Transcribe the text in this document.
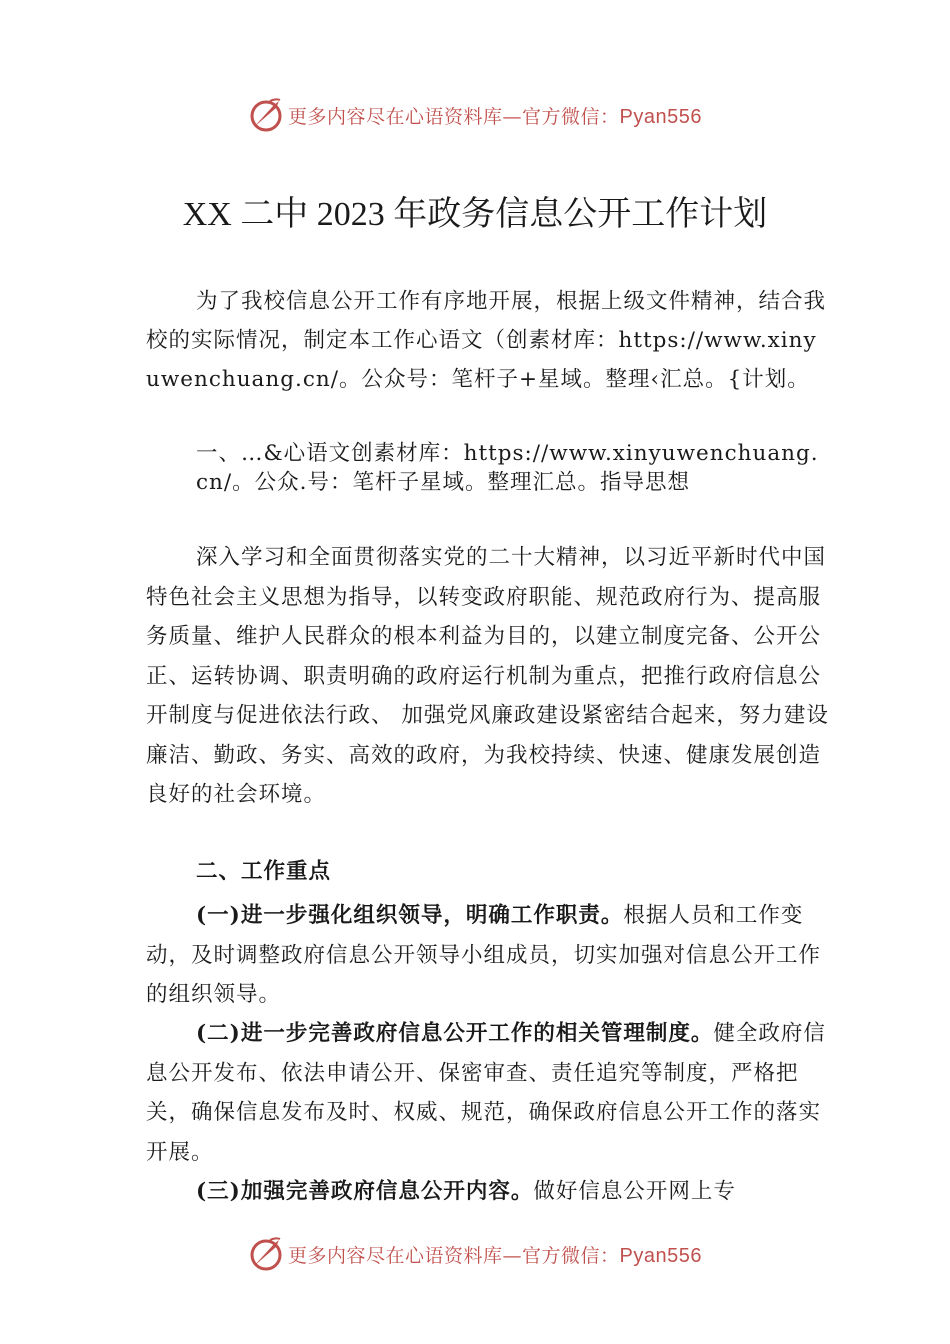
更多内容尽在心语资料库—官方微信：Pyan556
XX 二中 2023 年政务信息公开工作计划

为了我校信息公开工作有序地开展，根据上级文件精神，结合我校的实际情况，制定本工作心语文（创素材库：https://www.xinyuwenchuang.cn/。公众号：笔杆子+星域。整理‹汇总。{计划。

一、…&心语文创素材库：https://www.xinyuwenchuang.cn/。公众.号：笔杆子星域。整理汇总。指导思想

深入学习和全面贯彻落实党的二十大精神，以习近平新时代中国特色社会主义思想为指导，以转变政府职能、规范政府行为、提高服务质量、维护人民群众的根本利益为目的，以建立制度完备、公开公正、运转协调、职责明确的政府运行机制为重点，把推行政府信息公开制度与促进依法行政、 加强党风廉政建设紧密结合起来，努力建设廉洁、勤政、务实、高效的政府，为我校持续、快速、健康发展创造良好的社会环境。

二、工作重点

(一)进一步强化组织领导，明确工作职责。根据人员和工作变动，及时调整政府信息公开领导小组成员，切实加强对信息公开工作的组织领导。

(二)进一步完善政府信息公开工作的相关管理制度。健全政府信息公开发布、依法申请公开、保密审查、责任追究等制度，严格把关，确保信息发布及时、权威、规范，确保政府信息公开工作的落实开展。

(三)加强完善政府信息公开内容。做好信息公开网上专

更多内容尽在心语资料库—官方微信：Pyan556
